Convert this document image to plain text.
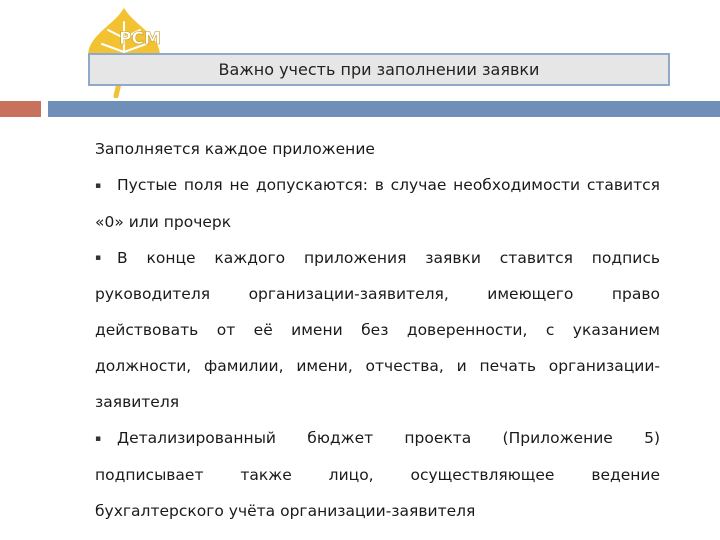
РСМ
Важно учесть при заполнении заявки

Заполняется каждое приложение

▪ Пустые поля не допускаются: в случае необходимости ставится «0» или прочерк

▪ В конце каждого приложения заявки ставится подпись руководителя организации-заявителя, имеющего право действовать от её имени без доверенности, с указанием должности, фамилии, имени, отчества, и печать организации-заявителя

▪ Детализированный бюджет проекта (Приложение 5) подписывает также лицо, осуществляющее ведение бухгалтерского учёта организации-заявителя
